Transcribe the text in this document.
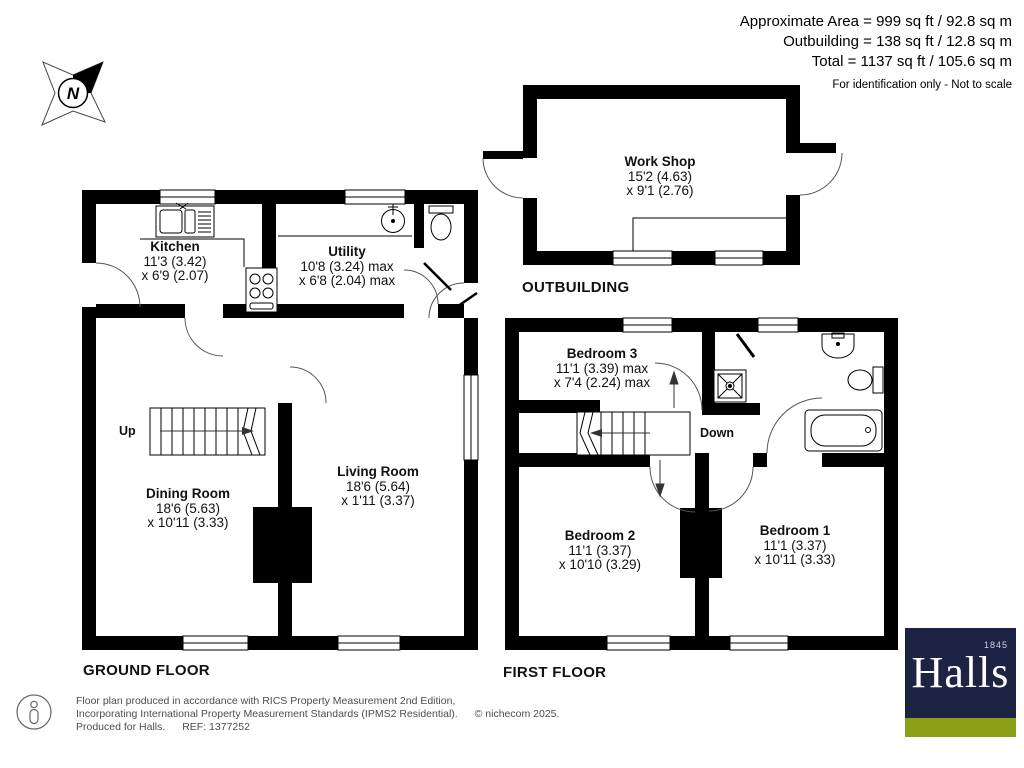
N
Approximate Area = 999 sq ft / 92.8 sq m
Outbuilding = 138 sq ft / 12.8 sq m
Total = 1137 sq ft / 105.6 sq m
For identification only - Not to scale
Kitchen
11'3 (3.42)
x 6'9 (2.07)
Utility
10'8 (3.24) max
x 6'8 (2.04) max
Dining Room
18'6 (5.63)
x 10'11 (3.33)
Living Room
18'6 (5.64)
x 1'11 (3.37)
Up
GROUND FLOOR
Bedroom 3
11'1 (3.39) max
x 7'4 (2.24) max
Bedroom 2
11'1 (3.37)
x 10'10 (3.29)
Bedroom 1
11'1 (3.37)
x 10'11 (3.33)
Down
FIRST FLOOR
Work Shop
15'2 (4.63)
x 9'1 (2.76)
OUTBUILDING
Halls
1845
Floor plan produced in accordance with RICS Property Measurement 2nd Edition,
Incorporating International Property Measurement Standards (IPMS2 Residential). © nichecom 2025.
Produced for Halls. REF: 1377252
